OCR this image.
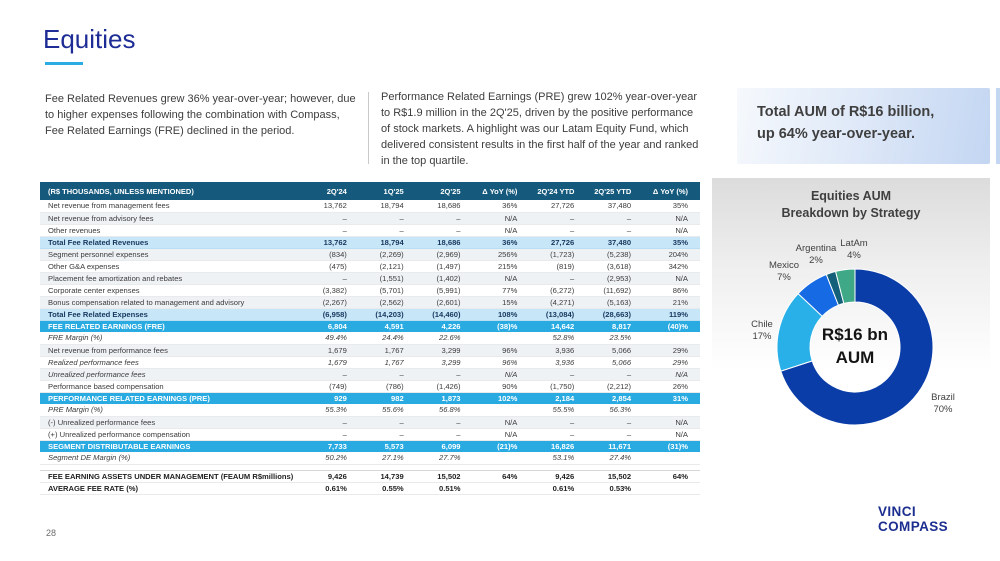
Equities
Fee Related Revenues grew 36% year-over-year; however, due to higher expenses following the combination with Compass, Fee Related Earnings (FRE) declined in the period.
Performance Related Earnings (PRE) grew 102% year-over-year to R$1.9 million in the 2Q'25, driven by the positive performance of stock markets. A highlight was our Latam Equity Fund, which delivered consistent results in the first half of the year and ranked in the top quartile.
Total AUM of R$16 billion,
up 64% year-over-year.
(R$ THOUSANDS, UNLESS MENTIONED)	2Q'24	1Q'25	2Q'25	Δ YoY (%)	2Q'24 YTD	2Q'25 YTD	Δ YoY (%)
Net revenue from management fees	13,762	18,794	18,686	36%	27,726	37,480	35%
Net revenue from advisory fees	–	–	–	N/A	–	–	N/A
Other revenues	–	–	–	N/A	–	–	N/A
Total Fee Related Revenues	13,762	18,794	18,686	36%	27,726	37,480	35%
Segment personnel expenses	(834)	(2,269)	(2,969)	256%	(1,723)	(5,238)	204%
Other G&A expenses	(475)	(2,121)	(1,497)	215%	(819)	(3,618)	342%
Placement fee amortization and rebates	–	(1,551)	(1,402)	N/A	–	(2,953)	N/A
Corporate center expenses	(3,382)	(5,701)	(5,991)	77%	(6,272)	(11,692)	86%
Bonus compensation related to management and advisory	(2,267)	(2,562)	(2,601)	15%	(4,271)	(5,163)	21%
Total Fee Related Expenses	(6,958)	(14,203)	(14,460)	108%	(13,084)	(28,663)	119%
FEE RELATED EARNINGS (FRE)	6,804	4,591	4,226	(38)%	14,642	8,817	(40)%
FRE Margin (%)	49.4%	24.4%	22.6%		52.8%	23.5%	
Net revenue from performance fees	1,679	1,767	3,299	96%	3,936	5,066	29%
Realized performance fees	1,679	1,767	3,299	96%	3,936	5,066	29%
Unrealized performance fees	–	–	–	N/A	–	–	N/A
Performance based compensation	(749)	(786)	(1,426)	90%	(1,750)	(2,212)	26%
PERFORMANCE RELATED EARNINGS (PRE)	929	982	1,873	102%	2,184	2,854	31%
PRE Margin (%)	55.3%	55.6%	56.8%		55.5%	56.3%	
(-) Unrealized performance fees	–	–	–	N/A	–	–	N/A
(+) Unrealized performance compensation	–	–	–	N/A	–	–	N/A
SEGMENT DISTRIBUTABLE EARNINGS	7,733	5,573	6,099	(21)%	16,826	11,671	(31)%
Segment DE Margin (%)	50.2%	27.1%	27.7%		53.1%	27.4%	

FEE EARNING ASSETS UNDER MANAGEMENT (FEAUM R$millions)	9,426	14,739	15,502	64%	9,426	15,502	64%
AVERAGE FEE RATE (%)	0.61%	0.55%	0.51%		0.61%	0.53%	
Equities AUM
Breakdown by Strategy
R$16 bn
AUM
Brazil
70%
Chile
17%
Mexico
7%
Argentina
2%
LatAm
4%
28
VINCI
COMPASS
